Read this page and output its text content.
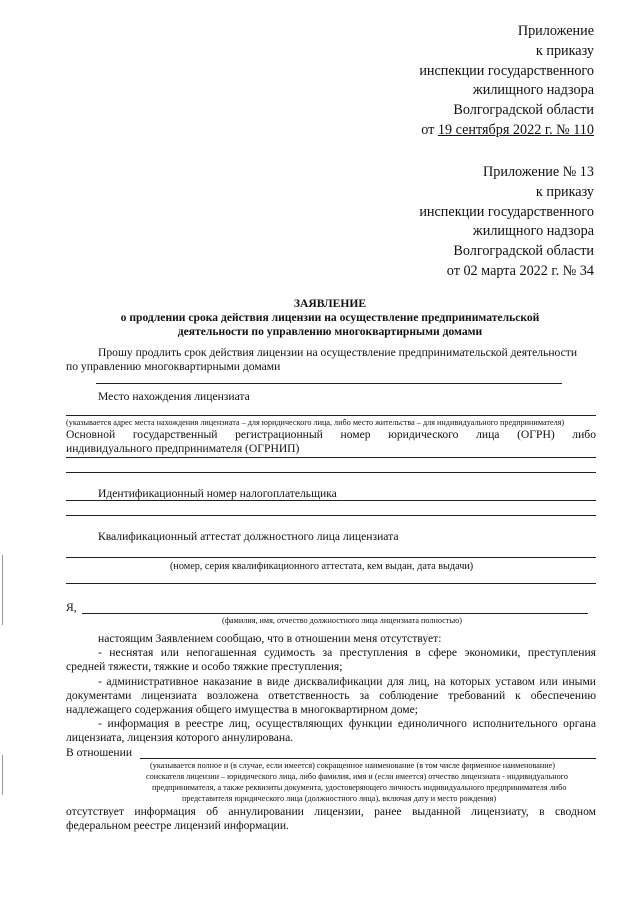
Приложение
к приказу
инспекции государственного
жилищного надзора
Волгоградской области
от 19 сентября 2022 г. № 110
Приложение № 13
к приказу
инспекции государственного
жилищного надзора
Волгоградской области
от 02 марта 2022 г. № 34
ЗАЯВЛЕНИЕ
о продлении срока действия лицензии на осуществление предпринимательской
деятельности по управлению многоквартирными домами
Прошу продлить срок действия лицензии на осуществление предпринимательской деятельности
по управлению многоквартирными домами
Место нахождения лицензиата
(указывается адрес места нахождения лицензиата – для юридического лица, либо место жительства – для индивидуального предпринимателя)
Основной государственный регистрационный номер юридического лица (ОГРН) либо
индивидуального предпринимателя (ОГРНИП)
Идентификационный номер налогоплательщика
Квалификационный аттестат должностного лица лицензиата
(номер, серия квалификационного аттестата, кем выдан, дата выдачи)
Я,
(фамилия, имя, отчество должностного лица лицензиата полностью)
настоящим Заявлением сообщаю, что в отношении меня отсутствует:
- неснятая или непогашенная судимость за преступления в сфере экономики, преступления
средней тяжести, тяжкие и особо тяжкие преступления;
- административное наказание в виде дисквалификации для лиц, на которых уставом или иными
документами лицензиата возложена ответственность за соблюдение требований к обеспечению
надлежащего содержания общего имущества в многоквартирном доме;
- информация в реестре лиц, осуществляющих функции единоличного исполнительного органа
лицензиата, лицензия которого аннулирована.
В отношении
(указывается полное и (в случае, если имеется) сокращенное наименование (в том числе фирменное наименование)
соискателя лицензии – юридического лица, либо фамилия, имя и (если имеется) отчество лицензиата - индивидуального
предпринимателя, а также реквизиты документа, удостоверяющего личность индивидуального предпринимателя либо
представителя юридического лица (должностного лица), включая дату и место рождения)
отсутствует информация об аннулировании лицензии, ранее выданной лицензиату, в сводном
федеральном реестре лицензий информации.
